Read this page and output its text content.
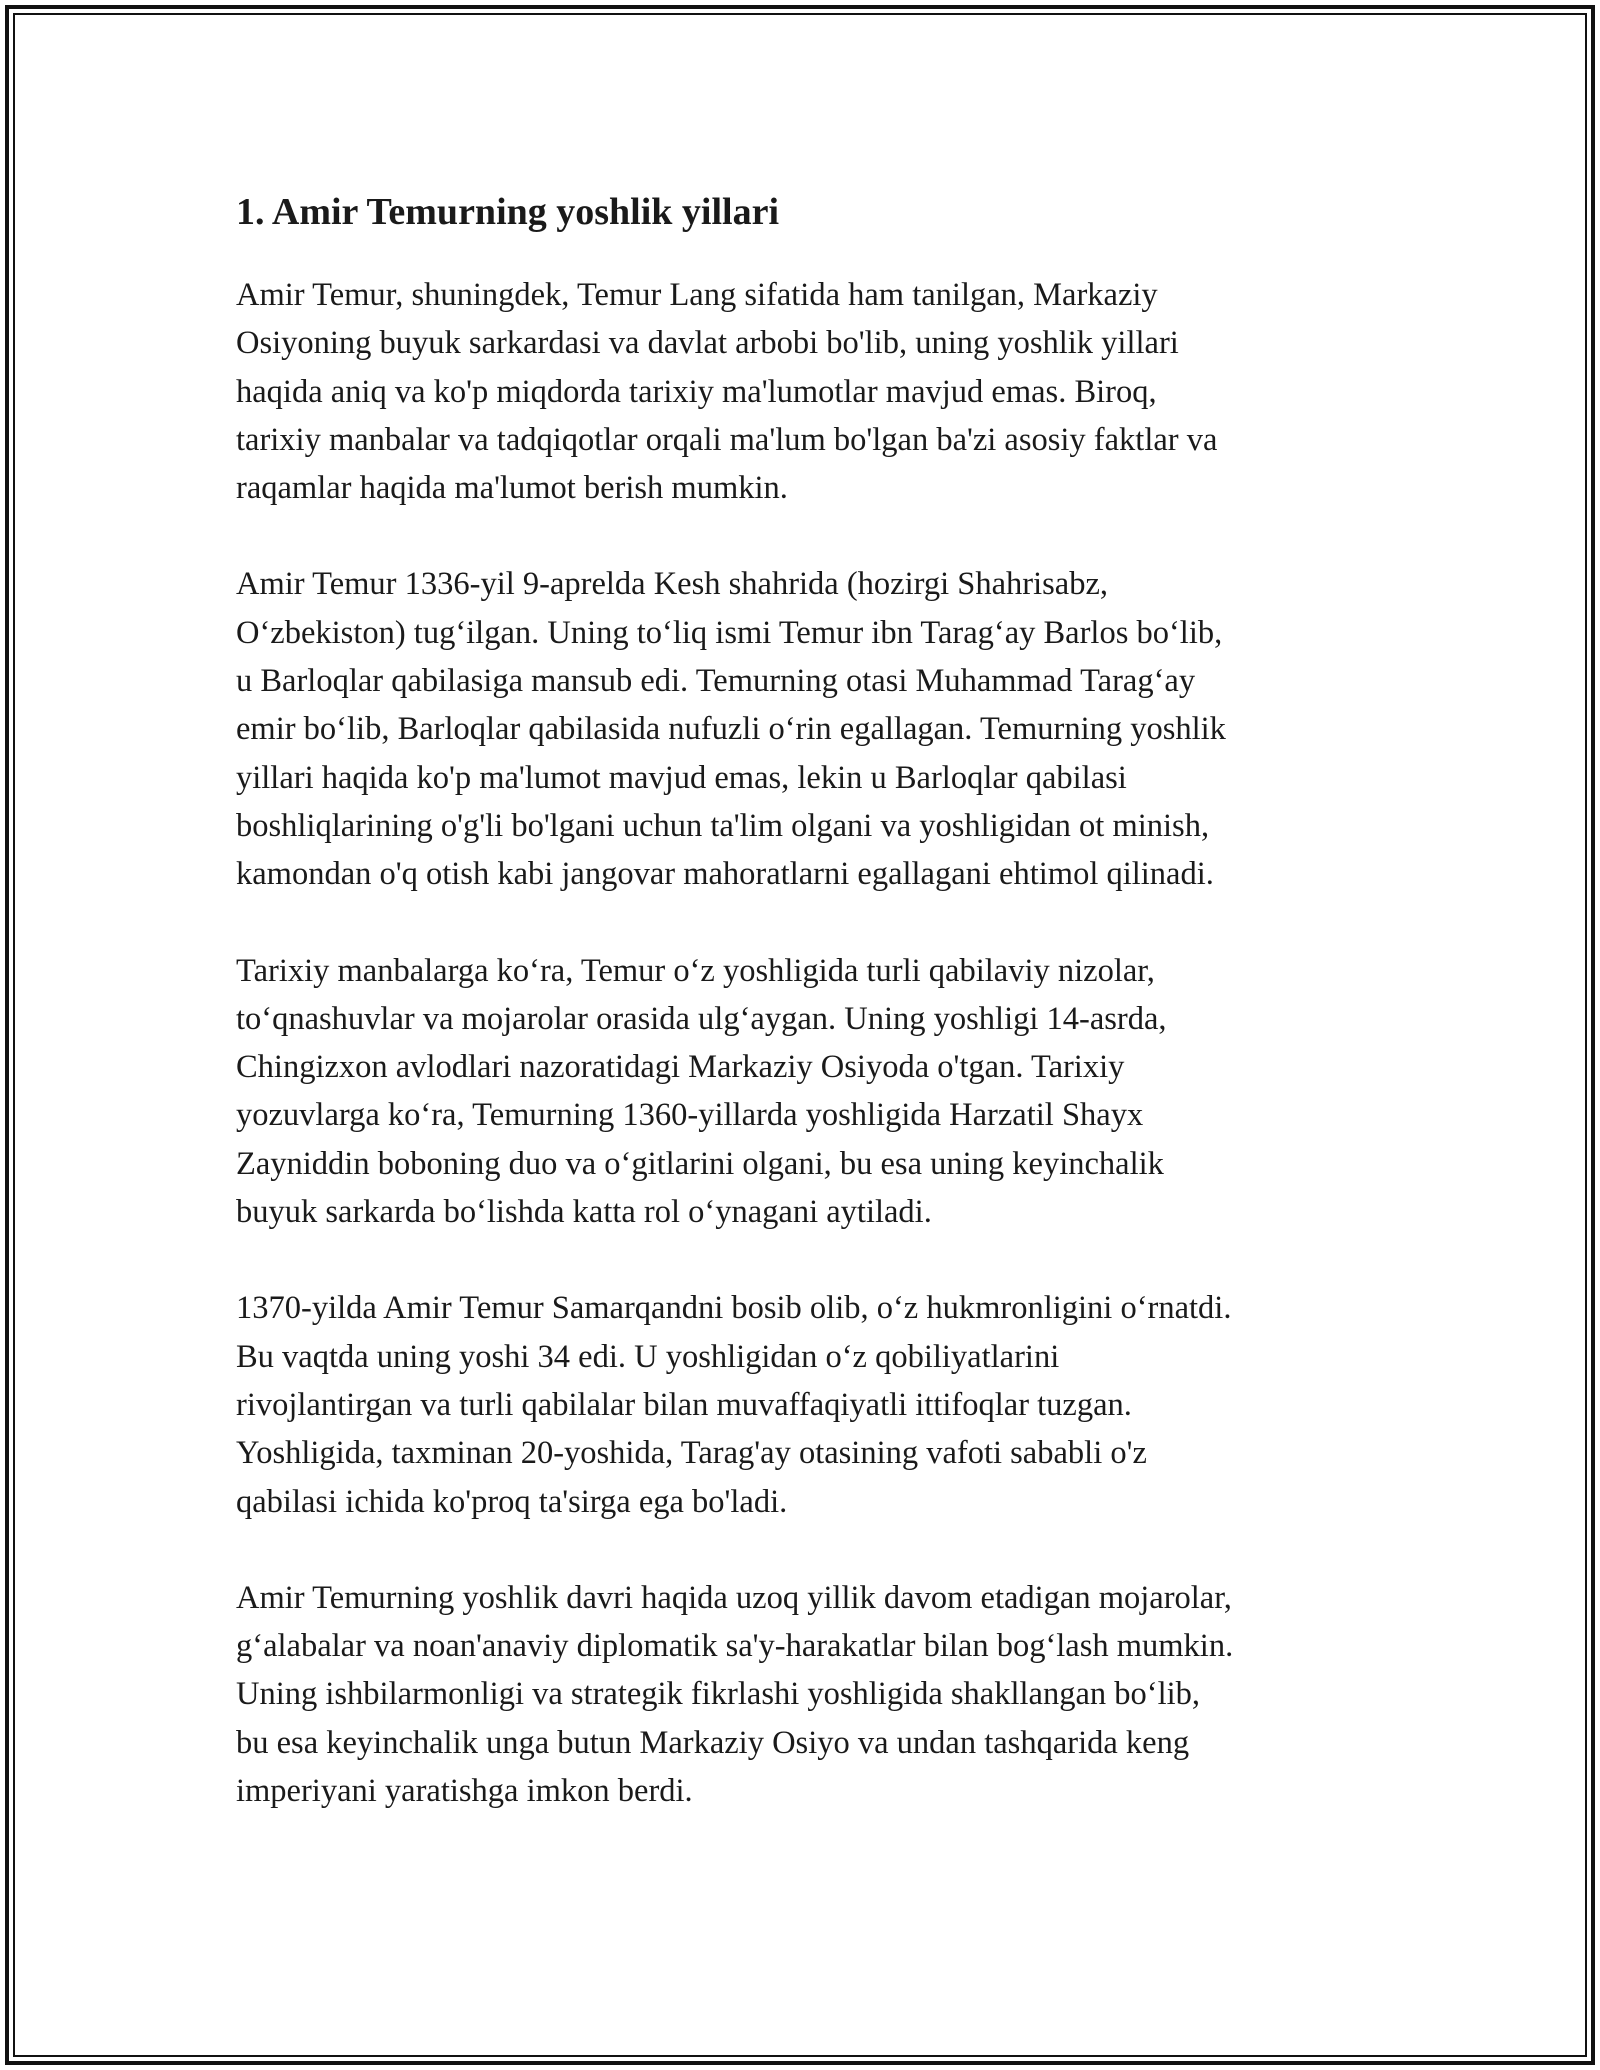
1. Amir Temurning yoshlik yillari

Amir Temur, shuningdek, Temur Lang sifatida ham tanilgan, Markaziy
Osiyoning buyuk sarkardasi va davlat arbobi bo'lib, uning yoshlik yillari
haqida aniq va ko'p miqdorda tarixiy ma'lumotlar mavjud emas. Biroq,
tarixiy manbalar va tadqiqotlar orqali ma'lum bo'lgan ba'zi asosiy faktlar va
raqamlar haqida ma'lumot berish mumkin.

Amir Temur 1336-yil 9-aprelda Kesh shahrida (hozirgi Shahrisabz,
O‘zbekiston) tug‘ilgan. Uning to‘liq ismi Temur ibn Tarag‘ay Barlos bo‘lib,
u Barloqlar qabilasiga mansub edi. Temurning otasi Muhammad Tarag‘ay
emir bo‘lib, Barloqlar qabilasida nufuzli o‘rin egallagan. Temurning yoshlik
yillari haqida ko'p ma'lumot mavjud emas, lekin u Barloqlar qabilasi
boshliqlarining o'g'li bo'lgani uchun ta'lim olgani va yoshligidan ot minish,
kamondan o'q otish kabi jangovar mahoratlarni egallagani ehtimol qilinadi.

Tarixiy manbalarga ko‘ra, Temur o‘z yoshligida turli qabilaviy nizolar,
to‘qnashuvlar va mojarolar orasida ulg‘aygan. Uning yoshligi 14-asrda,
Chingizxon avlodlari nazoratidagi Markaziy Osiyoda o'tgan. Tarixiy
yozuvlarga ko‘ra, Temurning 1360-yillarda yoshligida Harzatil Shayx
Zayniddin boboning duo va o‘gitlarini olgani, bu esa uning keyinchalik
buyuk sarkarda bo‘lishda katta rol o‘ynagani aytiladi.

1370-yilda Amir Temur Samarqandni bosib olib, o‘z hukmronligini o‘rnatdi.
Bu vaqtda uning yoshi 34 edi. U yoshligidan o‘z qobiliyatlarini
rivojlantirgan va turli qabilalar bilan muvaffaqiyatli ittifoqlar tuzgan.
Yoshligida, taxminan 20-yoshida, Tarag'ay otasining vafoti sababli o'z
qabilasi ichida ko'proq ta'sirga ega bo'ladi.

Amir Temurning yoshlik davri haqida uzoq yillik davom etadigan mojarolar,
g‘alabalar va noan'anaviy diplomatik sa'y-harakatlar bilan bog‘lash mumkin.
Uning ishbilarmonligi va strategik fikrlashi yoshligida shakllangan bo‘lib,
bu esa keyinchalik unga butun Markaziy Osiyo va undan tashqarida keng
imperiyani yaratishga imkon berdi.
